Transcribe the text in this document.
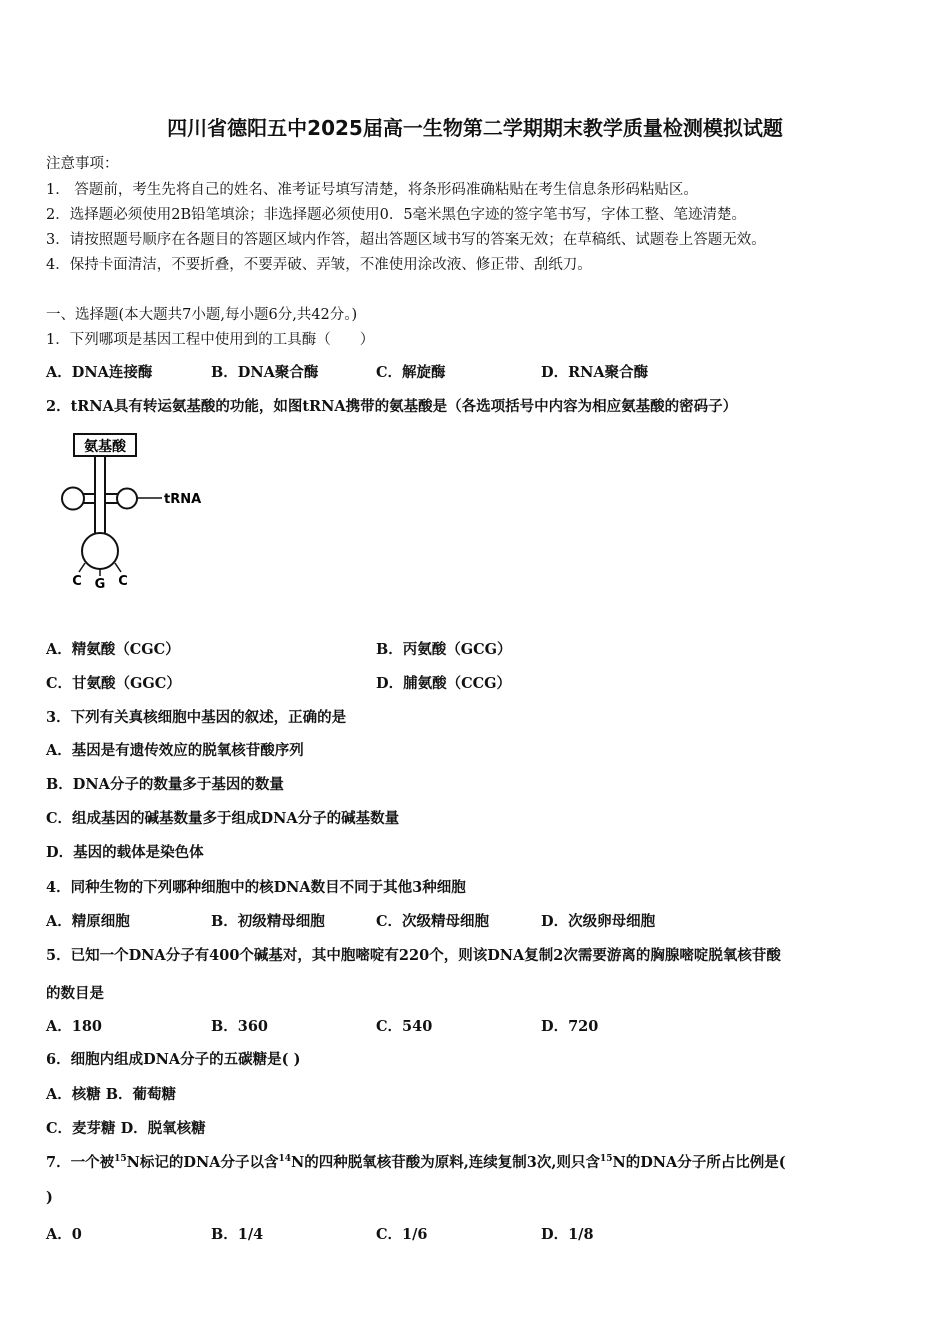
四川省德阳五中2025届高一生物第二学期期末教学质量检测模拟试题
注意事项：
1． 答题前，考生先将自己的姓名、准考证号填写清楚，将条形码准确粘贴在考生信息条形码粘贴区。
2．选择题必须使用2B铅笔填涂；非选择题必须使用0．5毫米黑色字迹的签字笔书写，字体工整、笔迹清楚。
3．请按照题号顺序在各题目的答题区域内作答，超出答题区域书写的答案无效；在草稿纸、试题卷上答题无效。
4．保持卡面清洁，不要折叠，不要弄破、弄皱，不准使用涂改液、修正带、刮纸刀。
一、选择题(本大题共7小题,每小题6分,共42分。)
1．下列哪项是基因工程中使用到的工具酶（　　）
A．DNA连接酶	B．DNA聚合酶	C．解旋酶	D．RNA聚合酶
2．tRNA具有转运氨基酸的功能，如图tRNA携带的氨基酸是（各选项括号中内容为相应氨基酸的密码子）
氨基酸
tRNA
C G C
A．精氨酸（CGC）	B．丙氨酸（GCG）
C．甘氨酸（GGC）	D．脯氨酸（CCG）
3．下列有关真核细胞中基因的叙述，正确的是
A．基因是有遗传效应的脱氧核苷酸序列
B．DNA分子的数量多于基因的数量
C．组成基因的碱基数量多于组成DNA分子的碱基数量
D．基因的载体是染色体
4．同种生物的下列哪种细胞中的核DNA数目不同于其他3种细胞
A．精原细胞	B．初级精母细胞	C．次级精母细胞	D．次级卵母细胞
5．已知一个DNA分子有400个碱基对，其中胞嘧啶有220个，则该DNA复制2次需要游离的胸腺嘧啶脱氧核苷酸
的数目是
A．180	B．360	C．540	D．720
6．细胞内组成DNA分子的五碳糖是( )
A．核糖 B．葡萄糖
C．麦芽糖 D．脱氧核糖
7．一个被$^{15}$N标记的DNA分子以含$^{14}$N的四种脱氧核苷酸为原料,连续复制3次,则只含$^{15}$N的DNA分子所占比例是(
)
A．0	B．1/4	C．1/6	D．1/8
